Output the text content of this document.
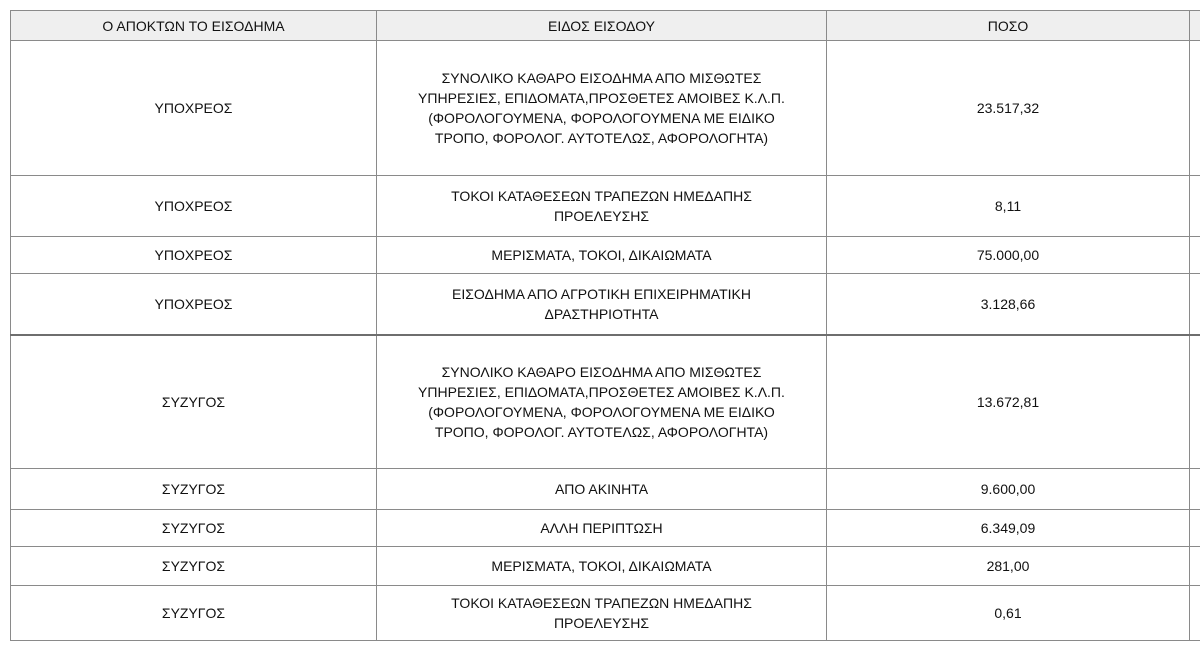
Ο ΑΠΟΚΤΩΝ ΤΟ ΕΙΣΟΔΗΜΑ	ΕΙΔΟΣ ΕΙΣΟΔΟΥ	ΠΟΣΟ	
ΥΠΟΧΡΕΟΣ	ΣΥΝΟΛΙΚΟ ΚΑΘΑΡΟ ΕΙΣΟΔΗΜΑ ΑΠΟ ΜΙΣΘΩΤΕΣ ΥΠΗΡΕΣΙΕΣ, ΕΠΙΔΟΜΑΤΑ,ΠΡΟΣΘΕΤΕΣ ΑΜΟΙΒΕΣ Κ.Λ.Π.(ΦΟΡΟΛΟΓΟΥΜΕΝΑ, ΦΟΡΟΛΟΓΟΥΜΕΝΑ ΜΕ ΕΙΔΙΚΟ ΤΡΟΠΟ, ΦΟΡΟΛΟΓ. ΑΥΤΟΤΕΛΩΣ, ΑΦΟΡΟΛΟΓΗΤΑ)	23.517,32	
ΥΠΟΧΡΕΟΣ	ΤΟΚΟΙ ΚΑΤΑΘΕΣΕΩΝ ΤΡΑΠΕΖΩΝ ΗΜΕΔΑΠΗΣ ΠΡΟΕΛΕΥΣΗΣ	8,11	
ΥΠΟΧΡΕΟΣ	ΜΕΡΙΣΜΑΤΑ, ΤΟΚΟΙ, ΔΙΚΑΙΩΜΑΤΑ	75.000,00	
ΥΠΟΧΡΕΟΣ	ΕΙΣΟΔΗΜΑ ΑΠΟ ΑΓΡΟΤΙΚΗ ΕΠΙΧΕΙΡΗΜΑΤΙΚΗ ΔΡΑΣΤΗΡΙΟΤΗΤΑ	3.128,66	
ΣΥΖΥΓΟΣ	ΣΥΝΟΛΙΚΟ ΚΑΘΑΡΟ ΕΙΣΟΔΗΜΑ ΑΠΟ ΜΙΣΘΩΤΕΣ ΥΠΗΡΕΣΙΕΣ, ΕΠΙΔΟΜΑΤΑ,ΠΡΟΣΘΕΤΕΣ ΑΜΟΙΒΕΣ Κ.Λ.Π.(ΦΟΡΟΛΟΓΟΥΜΕΝΑ, ΦΟΡΟΛΟΓΟΥΜΕΝΑ ΜΕ ΕΙΔΙΚΟ ΤΡΟΠΟ, ΦΟΡΟΛΟΓ. ΑΥΤΟΤΕΛΩΣ, ΑΦΟΡΟΛΟΓΗΤΑ)	13.672,81	
ΣΥΖΥΓΟΣ	ΑΠΟ ΑΚΙΝΗΤΑ	9.600,00	
ΣΥΖΥΓΟΣ	ΑΛΛΗ ΠΕΡΙΠΤΩΣΗ	6.349,09	
ΣΥΖΥΓΟΣ	ΜΕΡΙΣΜΑΤΑ, ΤΟΚΟΙ, ΔΙΚΑΙΩΜΑΤΑ	281,00	
ΣΥΖΥΓΟΣ	ΤΟΚΟΙ ΚΑΤΑΘΕΣΕΩΝ ΤΡΑΠΕΖΩΝ ΗΜΕΔΑΠΗΣ ΠΡΟΕΛΕΥΣΗΣ	0,61	
